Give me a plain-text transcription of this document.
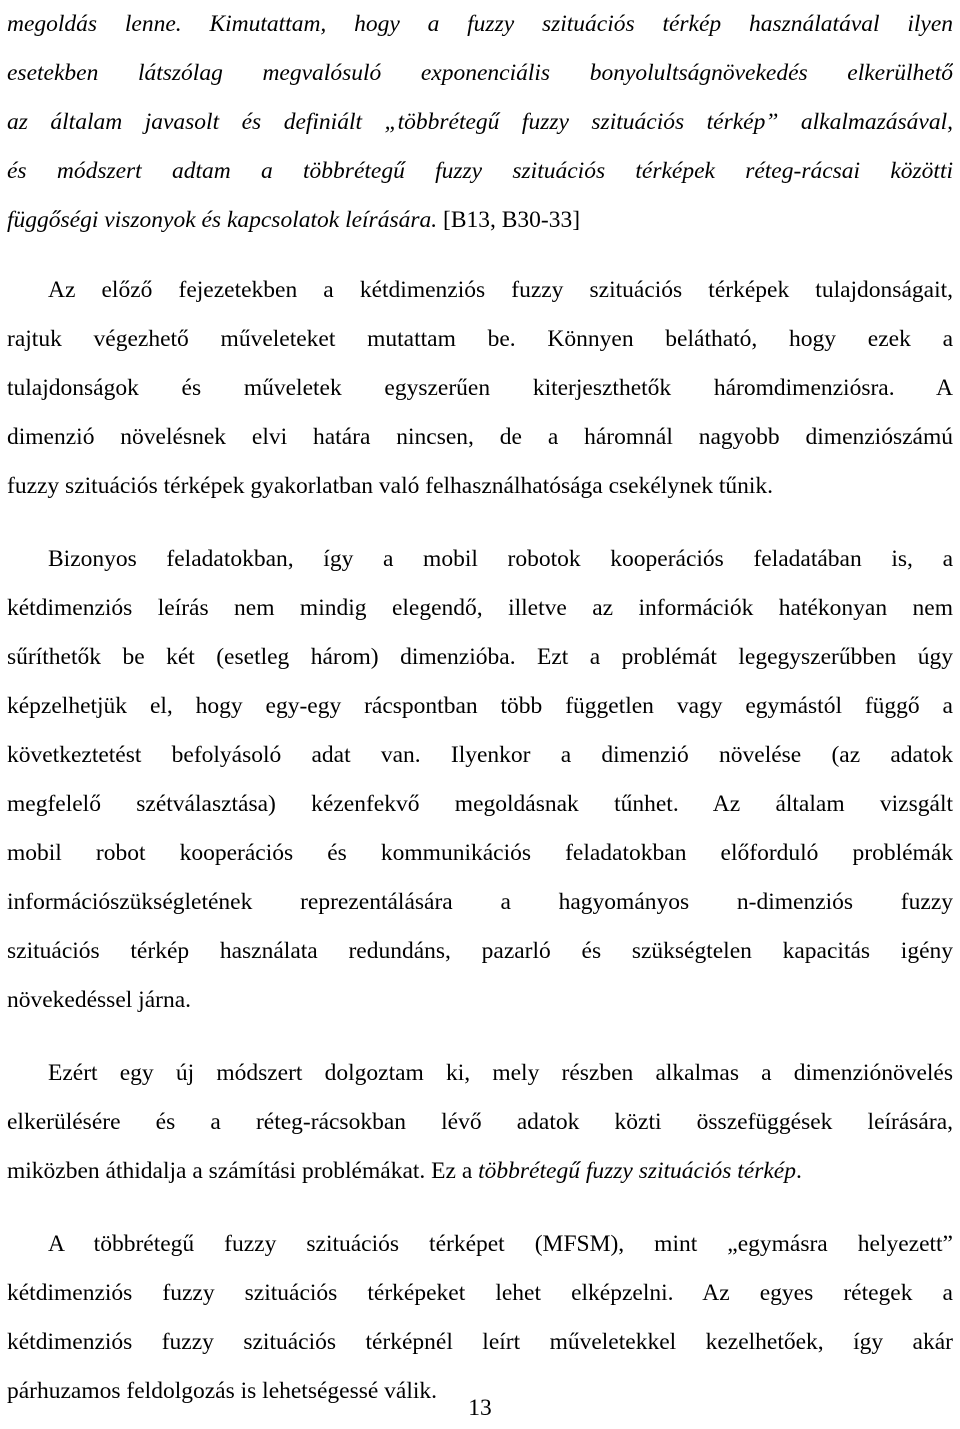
megoldás lenne. Kimutattam, hogy a fuzzy szituációs térkép használatával ilyen
esetekben látszólag megvalósuló exponenciális bonyolultságnövekedés elkerülhető
az általam javasolt és definiált „többrétegű fuzzy szituációs térkép” alkalmazásával,
és módszert adtam a többrétegű fuzzy szituációs térképek réteg-rácsai közötti
függőségi viszonyok és kapcsolatok leírására. [B13, B30-33]
Az előző fejezetekben a kétdimenziós fuzzy szituációs térképek tulajdonságait,
rajtuk végezhető műveleteket mutattam be. Könnyen belátható, hogy ezek a
tulajdonságok és műveletek egyszerűen kiterjeszthetők háromdimenziósra. A
dimenzió növelésnek elvi határa nincsen, de a háromnál nagyobb dimenziószámú
fuzzy szituációs térképek gyakorlatban való felhasználhatósága csekélynek tűnik.
Bizonyos feladatokban, így a mobil robotok kooperációs feladatában is, a
kétdimenziós leírás nem mindig elegendő, illetve az információk hatékonyan nem
sűríthetők be két (esetleg három) dimenzióba. Ezt a problémát legegyszerűbben úgy
képzelhetjük el, hogy egy-egy rácspontban több független vagy egymástól függő a
következtetést befolyásoló adat van. Ilyenkor a dimenzió növelése (az adatok
megfelelő szétválasztása) kézenfekvő megoldásnak tűnhet. Az általam vizsgált
mobil robot kooperációs és kommunikációs feladatokban előforduló problémák
információszükségletének reprezentálására a hagyományos n-dimenziós fuzzy
szituációs térkép használata redundáns, pazarló és szükségtelen kapacitás igény
növekedéssel járna.
Ezért egy új módszert dolgoztam ki, mely részben alkalmas a dimenziónövelés
elkerülésére és a réteg-rácsokban lévő adatok közti összefüggések leírására,
miközben áthidalja a számítási problémákat. Ez a többrétegű fuzzy szituációs térkép.
A többrétegű fuzzy szituációs térképet (MFSM), mint „egymásra helyezett”
kétdimenziós fuzzy szituációs térképeket lehet elképzelni. Az egyes rétegek a
kétdimenziós fuzzy szituációs térképnél leírt műveletekkel kezelhetőek, így akár
párhuzamos feldolgozás is lehetségessé válik.
13
